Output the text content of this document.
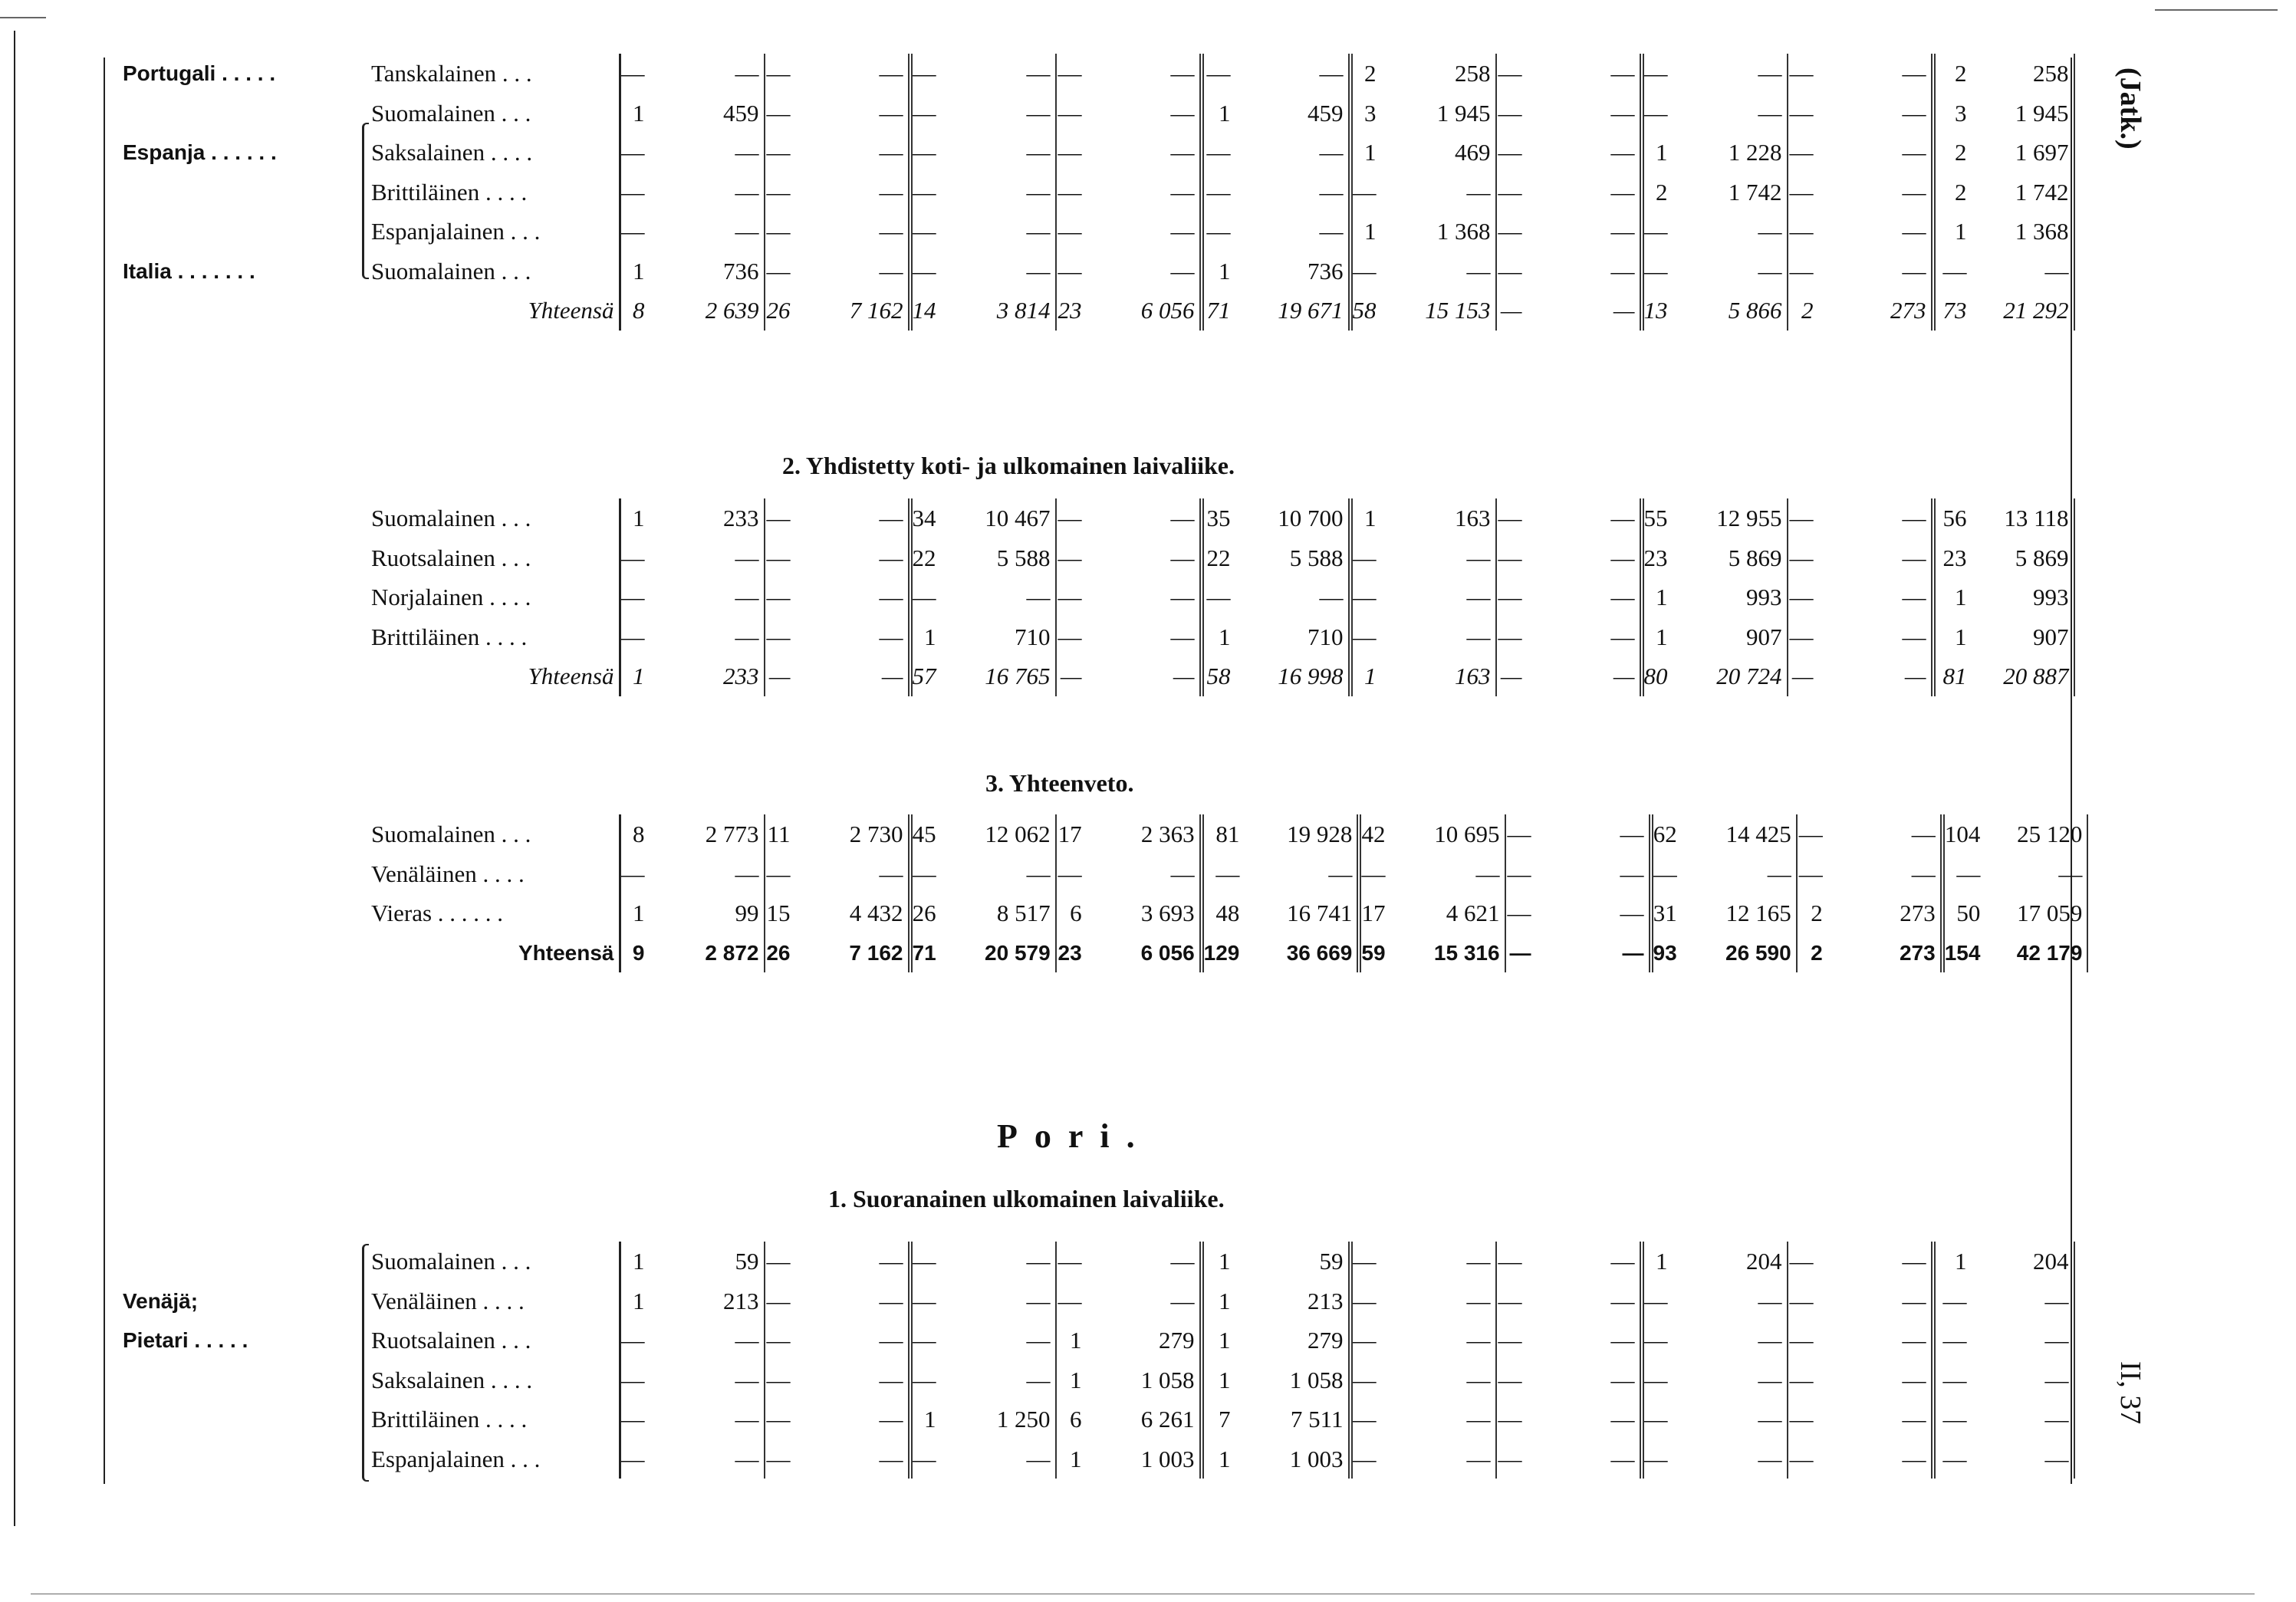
(Jatk.)
II, 37
Portugali . . . . .	Tanskalainen . . .	—	—	—	—	—	—	—	—	—	—	2	258	—	—	—	—	—	—	2	258
	Suomalainen . . .	1	459	—	—	—	—	—	—	1	459	3	1 945	—	—	—	—	—	—	3	1 945
Espanja . . . . . .	Saksalainen . . . .	—	—	—	—	—	—	—	—	—	—	1	469	—	—	1	1 228	—	—	2	1 697
	Brittiläinen . . . .	—	—	—	—	—	—	—	—	—	—	—	—	—	—	2	1 742	—	—	2	1 742
	Espanjalainen . . .	—	—	—	—	—	—	—	—	—	—	1	1 368	—	—	—	—	—	—	1	1 368
Italia . . . . . . .	Suomalainen . . .	1	736	—	—	—	—	—	—	1	736	—	—	—	—	—	—	—	—	—	—
	Yhteensä	8	2 639	26	7 162	14	3 814	23	6 056	71	19 671	58	15 153	—	—	13	5 866	2	273	73	21 292
2. Yhdistetty koti- ja ulkomainen laivaliike.
	Suomalainen . . .	1	233	—	—	34	10 467	—	—	35	10 700	1	163	—	—	55	12 955	—	—	56	13 118
	Ruotsalainen . . .	—	—	—	—	22	5 588	—	—	22	5 588	—	—	—	—	23	5 869	—	—	23	5 869
	Norjalainen . . . .	—	—	—	—	—	—	—	—	—	—	—	—	—	—	1	993	—	—	1	993
	Brittiläinen . . . .	—	—	—	—	1	710	—	—	1	710	—	—	—	—	1	907	—	—	1	907
	Yhteensä	1	233	—	—	57	16 765	—	—	58	16 998	1	163	—	—	80	20 724	—	—	81	20 887
3. Yhteenveto.
	Suomalainen . . .	8	2 773	11	2 730	45	12 062	17	2 363	81	19 928	42	10 695	—	—	62	14 425	—	—	104	25 120
	Venäläinen . . . .	—	—	—	—	—	—	—	—	—	—	—	—	—	—	—	—	—	—	—	—
	Vieras . . . . . .	1	99	15	4 432	26	8 517	6	3 693	48	16 741	17	4 621	—	—	31	12 165	2	273	50	17 059
	Yhteensä	9	2 872	26	7 162	71	20 579	23	6 056	129	36 669	59	15 316	—	—	93	26 590	2	273	154	42 179
Pori.
1. Suoranainen ulkomainen laivaliike.
	Suomalainen . . .	1	59	—	—	—	—	—	—	1	59	—	—	—	—	1	204	—	—	1	204
Venäjä;	Venäläinen . . . .	1	213	—	—	—	—	—	—	1	213	—	—	—	—	—	—	—	—	—	—
Pietari . . . . .	Ruotsalainen . . .	—	—	—	—	—	—	1	279	1	279	—	—	—	—	—	—	—	—	—	—
	Saksalainen . . . .	—	—	—	—	—	—	1	1 058	1	1 058	—	—	—	—	—	—	—	—	—	—
	Brittiläinen . . . .	—	—	—	—	1	1 250	6	6 261	7	7 511	—	—	—	—	—	—	—	—	—	—
	Espanjalainen . . .	—	—	—	—	—	—	1	1 003	1	1 003	—	—	—	—	—	—	—	—	—	—
